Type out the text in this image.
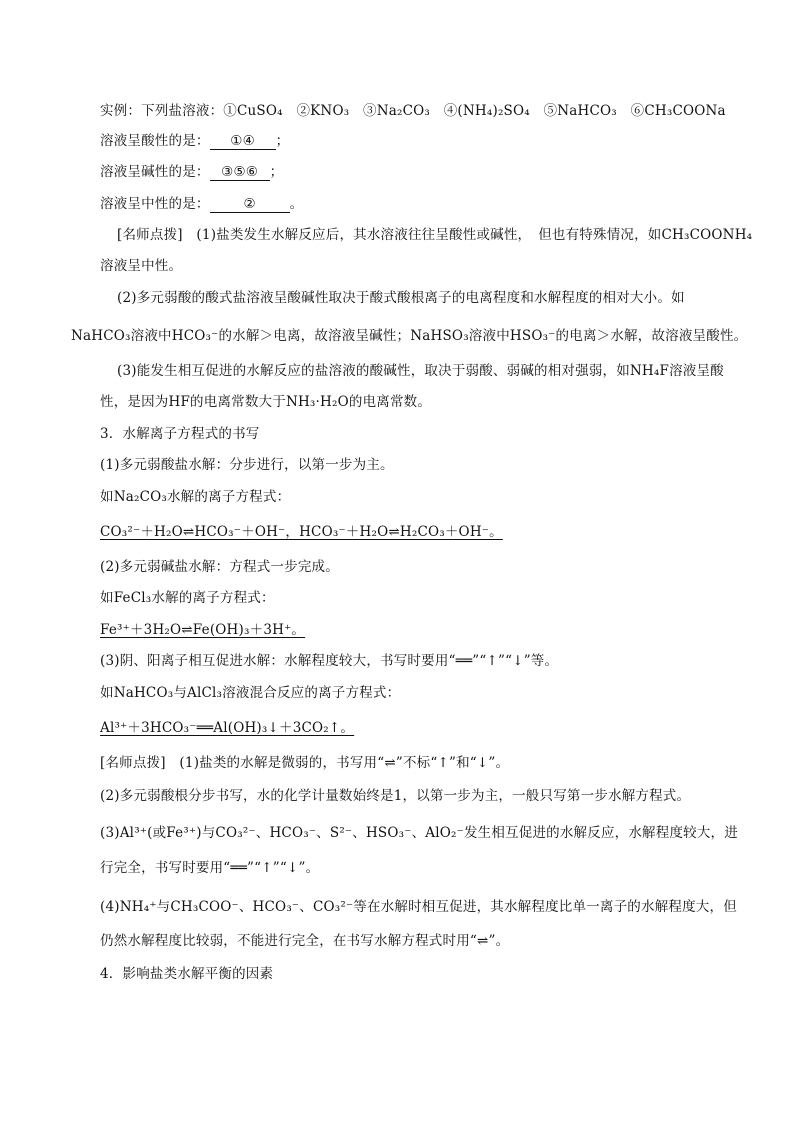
实例：下列盐溶液：①CuSO₄　②KNO₃　③Na₂CO₃　④(NH₄)₂SO₄　⑤NaHCO₃　⑥CH₃COONa
溶液呈酸性的是： ①④ ；
溶液呈碱性的是： ③⑤⑥ ；
溶液呈中性的是：	②	。
[名师点拨]　(1)盐类发生水解反应后，其水溶液往往呈酸性或碱性，　但也有特殊情况，如CH₃COONH₄
溶液呈中性。
(2)多元弱酸的酸式盐溶液呈酸碱性取决于酸式酸根离子的电离程度和水解程度的相对大小。如
NaHCO₃溶液中HCO₃⁻的水解＞电离，故溶液呈碱性；NaHSO₃溶液中HSO₃⁻的电离＞水解，故溶液呈酸性。
(3)能发生相互促进的水解反应的盐溶液的酸碱性，取决于弱酸、弱碱的相对强弱，如NH₄F溶液呈酸
性，是因为HF的电离常数大于NH₃·H₂O的电离常数。
3．水解离子方程式的书写
(1)多元弱酸盐水解：分步进行，以第一步为主。
如Na₂CO₃水解的离子方程式：
CO₃²⁻＋H₂O⇌HCO₃⁻＋OH⁻，HCO₃⁻＋H₂O⇌H₂CO₃＋OH⁻。
(2)多元弱碱盐水解：方程式一步完成。
如FeCl₃水解的离子方程式：
Fe³⁺＋3H₂O⇌Fe(OH)₃＋3H⁺。
(3)阴、阳离子相互促进水解：水解程度较大，书写时要用“══”“↑”“↓”等。
如NaHCO₃与AlCl₃溶液混合反应的离子方程式：
Al³⁺＋3HCO₃⁻══Al(OH)₃↓＋3CO₂↑。
[名师点拨]　(1)盐类的水解是微弱的，书写用“⇌”不标“↑”和“↓”。
(2)多元弱酸根分步书写，水的化学计量数始终是1，以第一步为主，一般只写第一步水解方程式。
(3)Al³⁺(或Fe³⁺)与CO₃²⁻、HCO₃⁻、S²⁻、HSO₃⁻、AlO₂⁻发生相互促进的水解反应，水解程度较大，进
行完全，书写时要用“══”“↑”“↓”。
(4)NH₄⁺与CH₃COO⁻、HCO₃⁻、CO₃²⁻等在水解时相互促进，其水解程度比单一离子的水解程度大，但
仍然水解程度比较弱，不能进行完全，在书写水解方程式时用“⇌”。
4．影响盐类水解平衡的因素
